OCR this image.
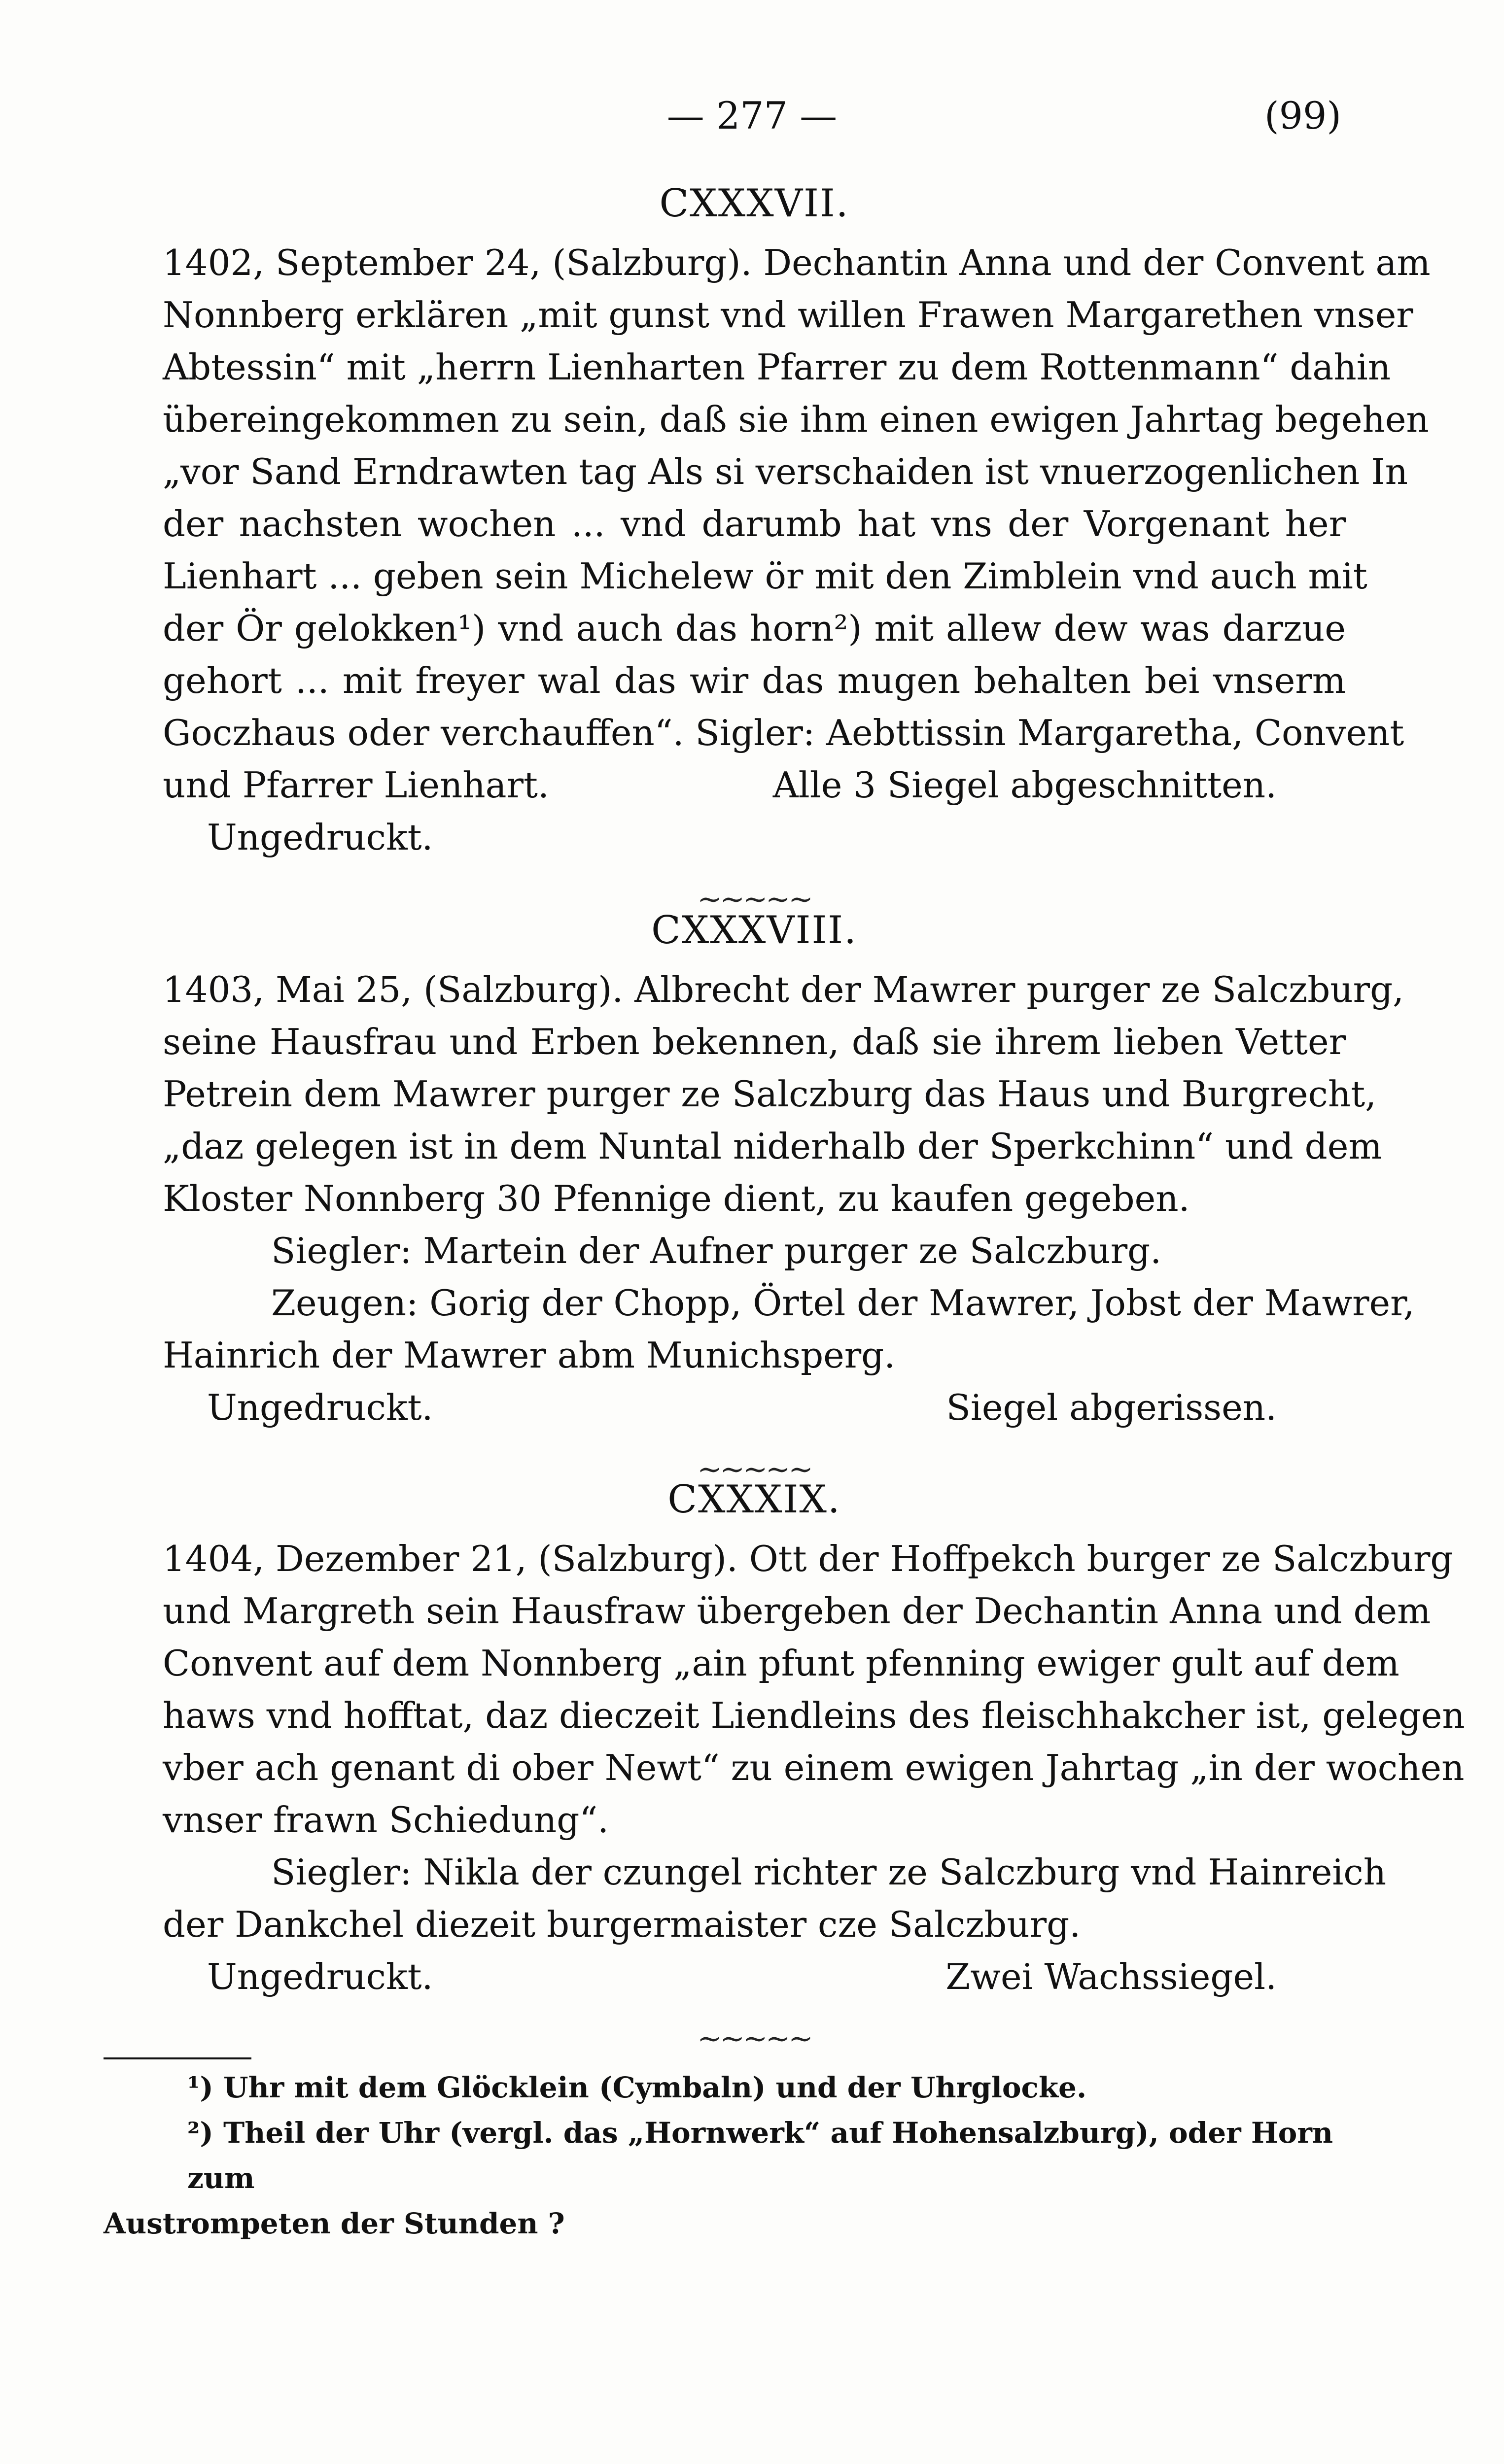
— 277 —	(99)
CXXXVII.
1402, September 24, (Salzburg). Dechantin Anna und der Convent am
Nonnberg erklären „mit gunst vnd willen Frawen Margarethen vnser
Abtessin“ mit „herrn Lienharten Pfarrer zu dem Rottenmann“ dahin
übereingekommen zu sein, daß sie ihm einen ewigen Jahrtag begehen
„vor Sand Erndrawten tag Als si verschaiden ist vnuerzogenlichen In
der nachsten wochen ... vnd darumb hat vns der Vorgenant her
Lienhart ... geben sein Michelew ör mit den Zimblein vnd auch mit
der Ör gelokken¹) vnd auch das horn²) mit allew dew was darzue
gehort ... mit freyer wal das wir das mugen behalten bei vnserm
Goczhaus oder verchauffen“. Sigler: Aebttissin Margaretha, Convent
und Pfarrer Lienhart.	Alle 3 Siegel abgeschnitten.
Ungedruckt.
~~~~~
CXXXVIII.
1403, Mai 25, (Salzburg). Albrecht der Mawrer purger ze Salczburg,
seine Hausfrau und Erben bekennen, daß sie ihrem lieben Vetter
Petrein dem Mawrer purger ze Salczburg das Haus und Burgrecht,
„daz gelegen ist in dem Nuntal niderhalb der Sperkchinn“ und dem
Kloster Nonnberg 30 Pfennige dient, zu kaufen gegeben.
Siegler: Martein der Aufner purger ze Salczburg.
Zeugen: Gorig der Chopp, Örtel der Mawrer, Jobst der Mawrer,
Hainrich der Mawrer abm Munichsperg.
Ungedruckt.	Siegel abgerissen.
~~~~~
CXXXIX.
1404, Dezember 21, (Salzburg). Ott der Hoffpekch burger ze Salczburg
und Margreth sein Hausfraw übergeben der Dechantin Anna und dem
Convent auf dem Nonnberg „ain pfunt pfenning ewiger gult auf dem
haws vnd hofftat, daz dieczeit Liendleins des fleischhakcher ist, gelegen
vber ach genant di ober Newt“ zu einem ewigen Jahrtag „in der wochen
vnser frawn Schiedung“.
Siegler: Nikla der czungel richter ze Salczburg vnd Hainreich
der Dankchel diezeit burgermaister cze Salczburg.
Ungedruckt.	Zwei Wachssiegel.
~~~~~
¹) Uhr mit dem Glöcklein (Cymbaln) und der Uhrglocke.
²) Theil der Uhr (vergl. das „Hornwerk“ auf Hohensalzburg), oder Horn zum
Austrompeten der Stunden ?
